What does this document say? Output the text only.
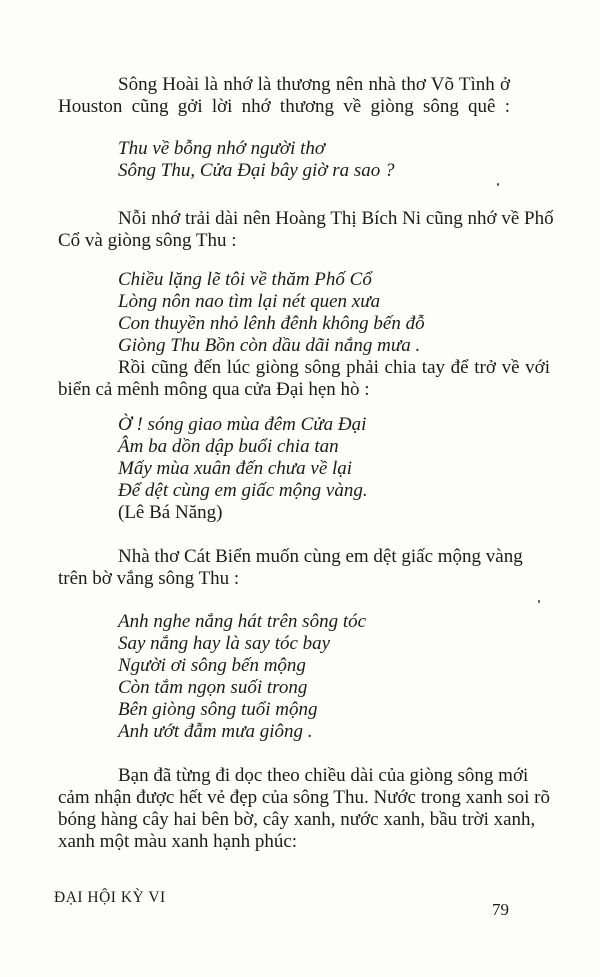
Sông Hoài là nhớ là thương nên nhà thơ Võ Tình ở
Houston cũng gởi lời nhớ thương về giòng sông quê :
Thu về bỗng nhớ người thơ
Sông Thu, Cửa Đại bây giờ ra sao ?
Nỗi nhớ trải dài nên Hoàng Thị Bích Ni cũng nhớ về Phố
Cổ và giòng sông Thu :
Chiều lặng lẽ tôi về thăm Phố Cổ
Lòng nôn nao tìm lại nét quen xưa
Con thuyền nhỏ lênh đênh không bến đỗ
Giòng Thu Bồn còn dầu dãi nắng mưa .
Rồi cũng đến lúc giòng sông phải chia tay để trở về với
biển cả mênh mông qua cửa Đại hẹn hò :
Ờ ! sóng giao mùa đêm Cửa Đại
Âm ba dồn dập buổi chia tan
Mấy mùa xuân đến chưa về lại
Để dệt cùng em giấc mộng vàng.
(Lê Bá Năng)
Nhà thơ Cát Biển muốn cùng em dệt giấc mộng vàng
trên bờ vắng sông Thu :
Anh nghe nắng hát trên sông tóc
Say nắng hay là say tóc bay
Người ơi sông bến mộng
Còn tắm ngọn suối trong
Bên giòng sông tuổi mộng
Anh ướt đẫm mưa giông .
Bạn đã từng đi dọc theo chiều dài của giòng sông mới
cảm nhận được hết vẻ đẹp của sông Thu. Nước trong xanh soi rõ
bóng hàng cây hai bên bờ, cây xanh, nước xanh, bầu trời xanh,
xanh một màu xanh hạnh phúc:
ĐẠI HỘI KỲ VI
79
